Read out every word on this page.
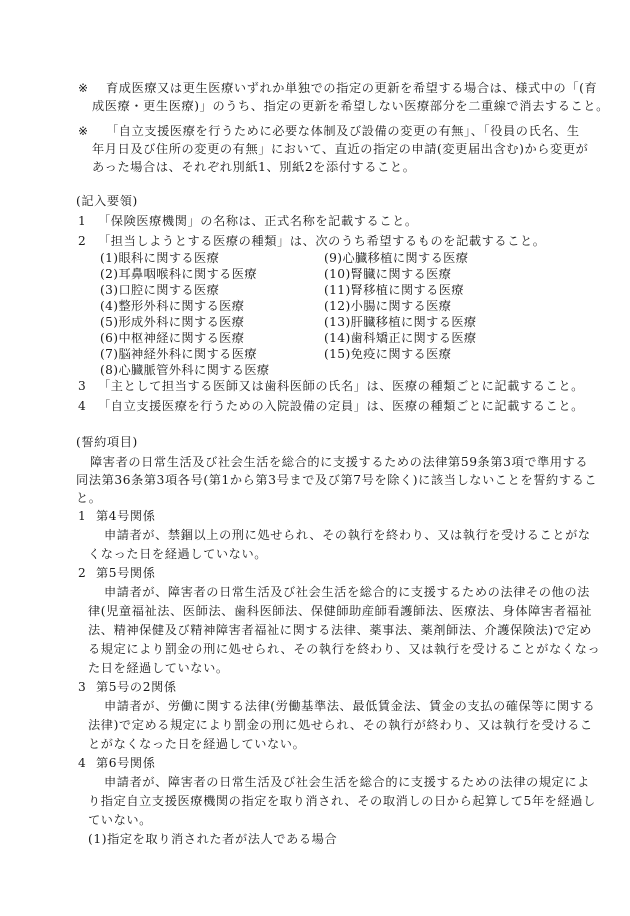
※ 育成医療又は更生医療いずれか単独での指定の更新を希望する場合は、様式中の「(育
成医療・更生医療)」のうち、指定の更新を希望しない医療部分を二重線で消去すること。
※ 「自立支援医療を行うために必要な体制及び設備の変更の有無」、「役員の氏名、生
年月日及び住所の変更の有無」において、直近の指定の申請(変更届出含む)から変更が
あった場合は、それぞれ別紙1、別紙2を添付すること。
(記入要領)
1 「保険医療機関」の名称は、正式名称を記載すること。
2 「担当しようとする医療の種類」は、次のうち希望するものを記載すること。
(1)眼科に関する医療
(2)耳鼻咽喉科に関する医療
(3)口腔に関する医療
(4)整形外科に関する医療
(5)形成外科に関する医療
(6)中枢神経に関する医療
(7)脳神経外科に関する医療
(8)心臓脈管外科に関する医療
(9)心臓移植に関する医療
(10)腎臓に関する医療
(11)腎移植に関する医療
(12)小腸に関する医療
(13)肝臓移植に関する医療
(14)歯科矯正に関する医療
(15)免疫に関する医療
3 「主として担当する医師又は歯科医師の氏名」は、医療の種類ごとに記載すること。
4 「自立支援医療を行うための入院設備の定員」は、医療の種類ごとに記載すること。
(誓約項目)
障害者の日常生活及び社会生活を総合的に支援するための法律第59条第3項で準用する
同法第36条第3項各号(第1から第3号まで及び第7号を除く)に該当しないことを誓約するこ
と。
1 第4号関係
申請者が、禁錮以上の刑に処せられ、その執行を終わり、又は執行を受けることがな
くなった日を経過していない。
2 第5号関係
申請者が、障害者の日常生活及び社会生活を総合的に支援するための法律その他の法
律(児童福祉法、医師法、歯科医師法、保健師助産師看護師法、医療法、身体障害者福祉
法、精神保健及び精神障害者福祉に関する法律、薬事法、薬剤師法、介護保険法)で定め
る規定により罰金の刑に処せられ、その執行を終わり、又は執行を受けることがなくなっ
た日を経過していない。
3 第5号の2関係
申請者が、労働に関する法律(労働基準法、最低賃金法、賃金の支払の確保等に関する
法律)で定める規定により罰金の刑に処せられ、その執行が終わり、又は執行を受けるこ
とがなくなった日を経過していない。
4 第6号関係
申請者が、障害者の日常生活及び社会生活を総合的に支援するための法律の規定によ
り指定自立支援医療機関の指定を取り消され、その取消しの日から起算して5年を経過し
ていない。
(1)指定を取り消された者が法人である場合
